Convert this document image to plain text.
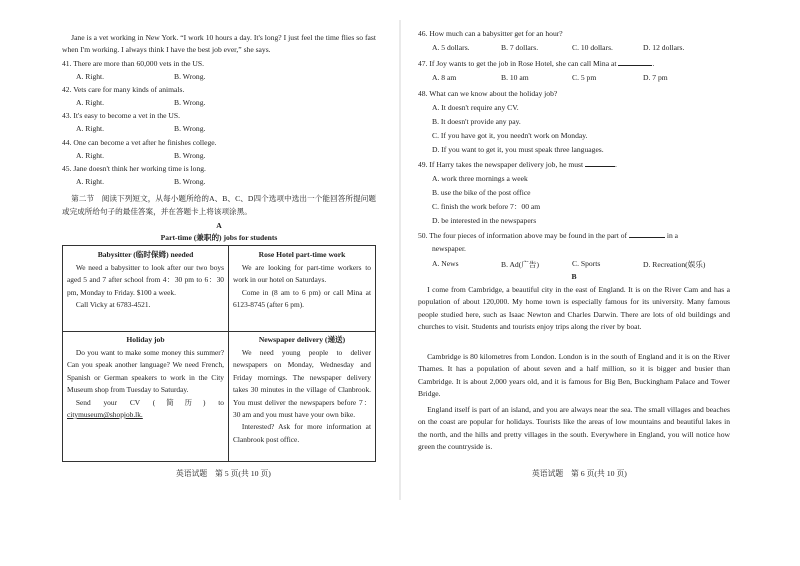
Jane is a vet working in New York. “I work 10 hours a day. It's long? I just feel the time flies so fast when I'm working. I always think I have the best job ever,” she says.
41. There are more than 60,000 vets in the US.
A. Right.	B. Wrong.
42. Vets care for many kinds of animals.
A. Right.	B. Wrong.
43. It's easy to become a vet in the US.
A. Right.	B. Wrong.
44. One can become a vet after he finishes college.
A. Right.	B. Wrong.
45. Jane doesn't think her working time is long.
A. Right.	B. Wrong.
第二节　阅读下列短文，从每小题所给的A、B、C、D四个选项中选出一个能回答所提问题或完成所给句子的最佳答案，并在答题卡上将该项涂黑。
A
Part-time (兼职的) jobs for students
Babysitter (临时保姆) needed

We need a babysitter to look after our two boys aged 5 and 7 after school from 4：30 pm to 6：30 pm, Monday to Friday. $100 a week.

Call Vicky at 6783-4521.

Rose Hotel part-time work

We are looking for part-time workers to work in our hotel on Saturdays.

Come in (8 am to 6 pm) or call Mina at 6123-8745 (after 6 pm).

Holiday job

Do you want to make some money this summer? Can you speak another language? We need French, Spanish or German speakers to work in the City Museum shop from Tuesday to Saturday.

Send your CV (简历) to citymuseum@shopjob.lk.

Newspaper delivery (递送)

We need young people to deliver newspapers on Monday, Wednesday and Friday mornings. The newspaper delivery takes 30 minutes in the village of Clanbrook. You must deliver the newspapers before 7：30 am and you must have your own bike.

Interested? Ask for more information at Clanbrook post office.

英语试题　第 5 页(共 10 页)
46. How much can a babysitter get for an hour?
A. 5 dollars.	B. 7 dollars.	C. 10 dollars.	D. 12 dollars.
47. If Joy wants to get the job in Rose Hotel, she can call Mina at	.
A. 8 am	B. 10 am	C. 5 pm	D. 7 pm
48. What can we know about the holiday job?
A. It doesn't require any CV.
B. It doesn't provide any pay.
C. If you have got it, you needn't work on Monday.
D. If you want to get it, you must speak three languages.
49. If Harry takes the newspaper delivery job, he must	.
A. work three mornings a week
B. use the bike of the post office
C. finish the work before 7：00 am
D. be interested in the newspapers
50. The four pieces of information above may be found in the part of	in a
newspaper.
A. News	B. Ad(广告)	C. Sports	D. Recreation(娱乐)
B
I come from Cambridge, a beautiful city in the east of England. It is on the River Cam and has a population of about 120,000. My home town is especially famous for its university. Many famous people studied here, such as Isaac Newton and Charles Darwin. There are lots of old buildings and churches to visit. Students and tourists enjoy trips along the river by boat.
Cambridge is 80 kilometres from London. London is in the south of England and it is on the River Thames. It has a population of about seven and a half million, so it is bigger and busier than Cambridge. It is about 2,000 years old, and it is famous for Big Ben, Buckingham Palace and Tower Bridge.
England itself is part of an island, and you are always near the sea. The small villages and beaches on the coast are popular for holidays. Tourists like the areas of low mountains and beautiful lakes in the north, and the hills and pretty villages in the south. Everywhere in England, you will notice how green the countryside is.
英语试题　第 6 页(共 10 页)
